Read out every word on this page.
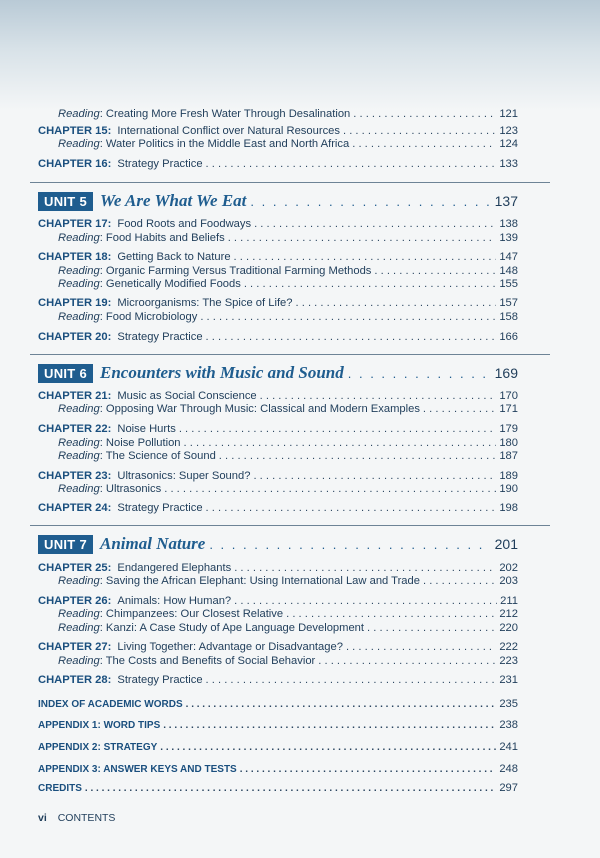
Reading : Creating More Fresh Water Through Desalination . . .	121
CHAPTER 15: International Conflict over Natural Resources . . .	123
Reading : Water Politics in the Middle East and North Africa . . .	124
CHAPTER 16: Strategy Practice . . .	133
UNIT 5 We Are What We Eat . . .	137
CHAPTER 17: Food Roots and Foodways . . .	138
Reading : Food Habits and Beliefs . . .	139
CHAPTER 18: Getting Back to Nature . . .	147
Reading : Organic Farming Versus Traditional Farming Methods . . .	148
Reading : Genetically Modified Foods . . .	155
CHAPTER 19: Microorganisms: The Spice of Life? . . .	157
Reading : Food Microbiology . . .	158
CHAPTER 20: Strategy Practice . . .	166
UNIT 6 Encounters with Music and Sound . . .	169
CHAPTER 21: Music as Social Conscience . . .	170
Reading : Opposing War Through Music: Classical and Modern Examples . . .	171
CHAPTER 22: Noise Hurts . . .	179
Reading : Noise Pollution . . .	180
Reading : The Science of Sound . . .	187
CHAPTER 23: Ultrasonics: Super Sound? . . .	189
Reading : Ultrasonics . . .	190
CHAPTER 24: Strategy Practice . . .	198
UNIT 7 Animal Nature . . .	201
CHAPTER 25: Endangered Elephants . . .	202
Reading : Saving the African Elephant: Using International Law and Trade . . .	203
CHAPTER 26: Animals: How Human? . . .	211
Reading : Chimpanzees: Our Closest Relative . . .	212
Reading : Kanzi: A Case Study of Ape Language Development . . .	220
CHAPTER 27: Living Together: Advantage or Disadvantage? . . .	222
Reading : The Costs and Benefits of Social Behavior . . .	223
CHAPTER 28: Strategy Practice . . .	231
INDEX OF ACADEMIC WORDS . . .	235
APPENDIX 1: WORD TIPS . . .	238
APPENDIX 2: STRATEGY . . .	241
APPENDIX 3: ANSWER KEYS AND TESTS . . .	248
CREDITS . . .	297
vi CONTENTS
